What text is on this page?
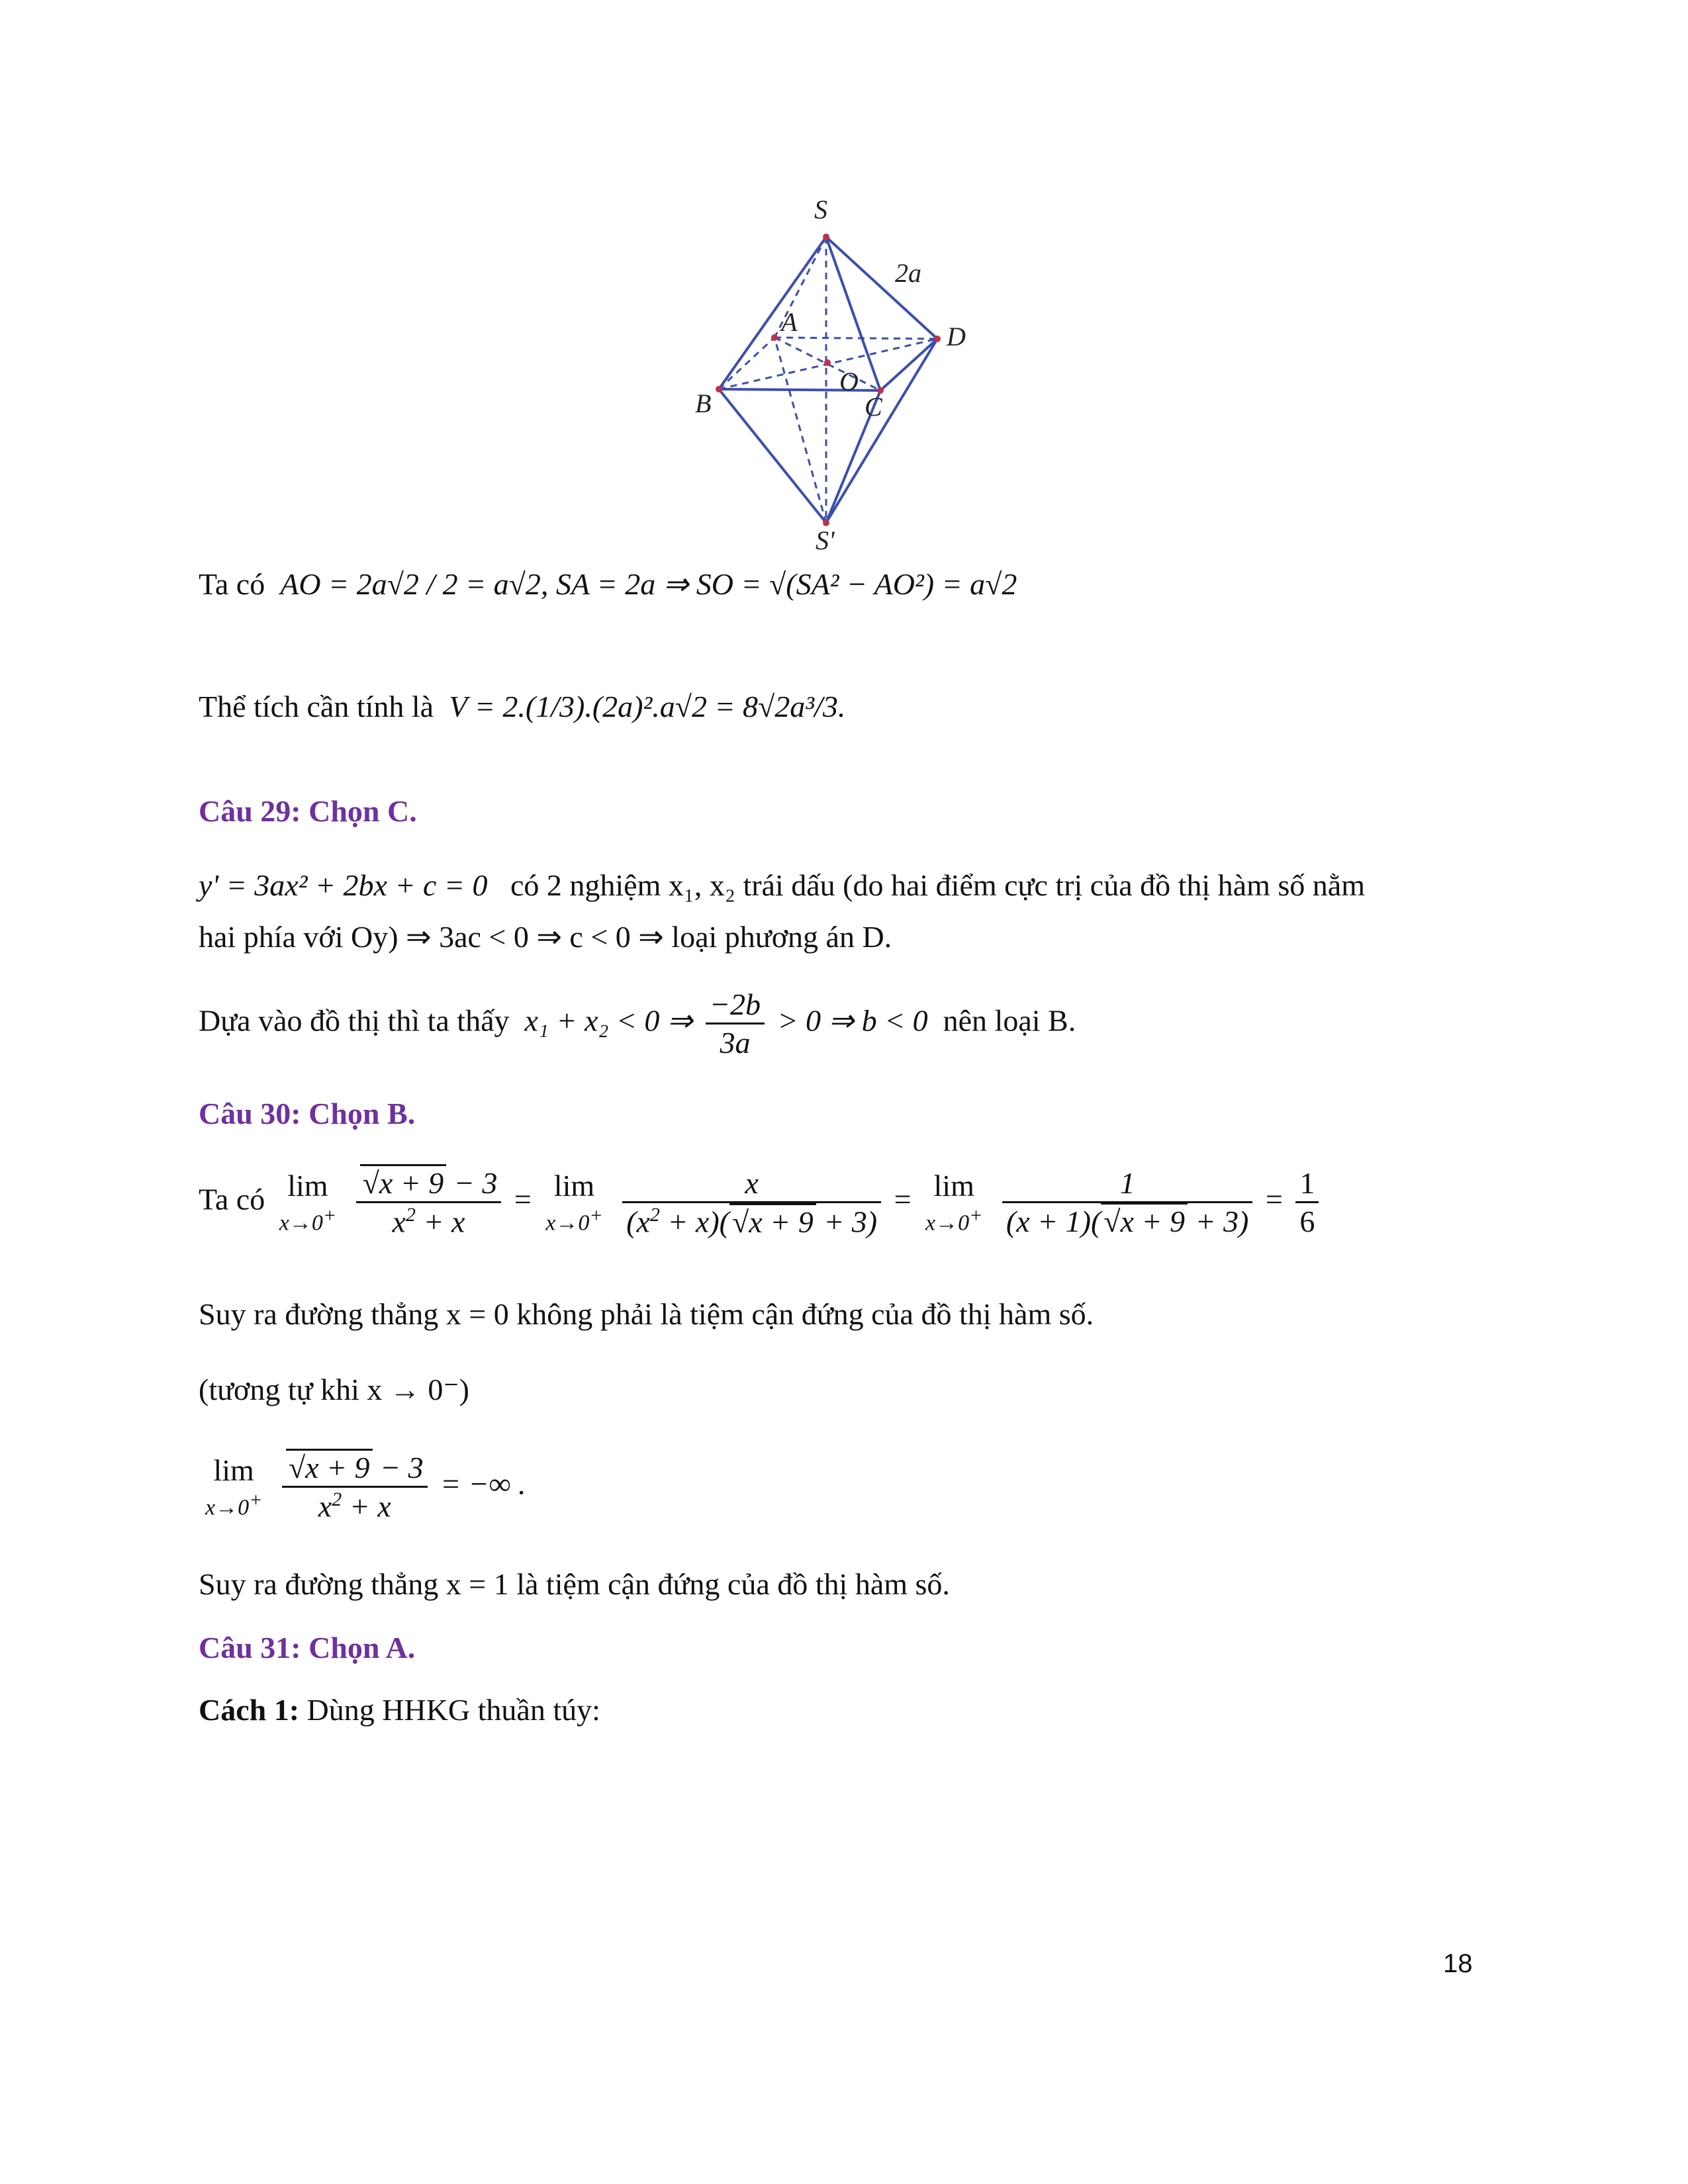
S
S'
A
B
O
C
D
2a
Ta có AO = 2a√2 / 2 = a√2, SA = 2a ⇒ SO = √(SA² − AO²) = a√2
Thể tích cần tính là V = 2.(1/3).(2a)².a√2 = 8√2a³/3.
Câu 29: Chọn C.
y' = 3ax² + 2bx + c = 0 có 2 nghiệm x₁, x₂ trái dấu (do hai điểm cực trị của đồ thị hàm số nằm
hai phía với Oy) ⇒ 3ac < 0 ⇒ c < 0 ⇒ loại phương án D.
Dựa vào đồ thị thì ta thấy x₁ + x₂ < 0 ⇒ $\frac{-2b}{3a} > 0$ ⇒ b < 0 nên loại B.
Câu 30: Chọn B.
Ta có lim
x→0+
$\frac{√x + 9 - 3}{x^2 + x} = \lim$
x→0+
$\frac{x}{(x^2 + x)(√x + 9 + 3)} = \lim$
x→0+
$\frac{1}{(x + 1)(√x + 9 + 3)} = \frac{1}{6}$
Suy ra đường thẳng x = 0 không phải là tiệm cận đứng của đồ thị hàm số.
(tương tự khi x → 0⁻)
lim
x→0+
$\frac{√x + 9 - 3}{x^2 + x}$ = −∞ .
Suy ra đường thẳng x = 1 là tiệm cận đứng của đồ thị hàm số.
Câu 31: Chọn A.
Cách 1: Dùng HHKG thuần túy:
18
